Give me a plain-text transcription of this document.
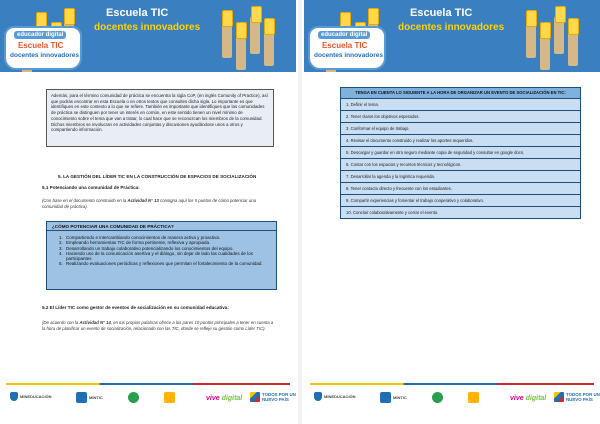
Escuela TIC
docentes innovadores
educador digital
Escuela TIC
docentes innovadores
Además, para el término comunidad de práctica se encuentra la sigla CoP, (en inglés Comunity of Practice), así que podrás encontrar en esta Escuela o en otros textos que consultes dicha sigla. Lo importante es que identifiques en este contexto a lo que se refiere. También es importante que identifiques que las comunidades de práctica se distinguen por tener un interés en común, en este sentido tienen un nivel mínimo de conocimiento sobre el tema que van a tratar, lo cual hace que se reconozcan los miembros de la comunidad. Dichos miembros se involucran en actividades conjuntas y discusiones ayudándose unos a otros y compartiendo información.
5. LA GESTIÓN DEL LÍDER TIC EN LA CONSTRUCCIÓN DE ESPACIOS DE SOCIALIZACIÓN
5.1 Potenciando una comunidad de Práctica:
(Con base en el documento construido en la Actividad N° 13 consigna aquí los 5 puntos de cómo potenciar una comunidad de práctica).
¿CÓMO POTENCIAR UNA COMUNIDAD DE PRÁCTICA?
1. Compartiendo e intercambiando conocimientos de manera activa y proactiva.
2. Empleando herramientas TIC de forma pertinente, reflexiva y apropiada.
3. Desarrollando un trabajo colaborativo potencializando los conocimientos del equipo.
4. Haciendo uso de la comunicación asertiva y el diálogo, sin dejar de lado las cualidades de los participantes
5. Realizando evaluaciones periódicas y reflexiones que permitan el fortalecimiento de la comunidad.
5.2 El Líder TIC como gestor de eventos de socialización en su comunidad educativa:
(De acuerdo con la Actividad N° 14, en tus propias palabras ofrece a los pares 10 puntos principales a tener en cuenta a la hora de planificar un evento de socialización, relacionado con las TIC, donde se refleje su gestión como Líder TIC).
MINEDUCACIÓN	MINTIC	vive digital
TODOS POR UN
NUEVO PAÍS
Escuela TIC
docentes innovadores
educador digital
Escuela TIC
docentes innovadores
TENGA EN CUENTA LO SIGUIENTE A LA HORA DE ORGANIZAR UN EVENTO DE SOCIALIZACIÓN EN TIC:
1. Definir el tema.
2. Tener claros los objetivos esperados.
3. Conformar el equipo de trabajo.
4. Revisar el documento construido y realizar los aportes requeridos.
5. Descargar y guardar en otro seguro mediante copia de seguridad y consultar en google docs.
6. Contar con los espacios y recursos técnicos y tecnológicos.
7. Desarrollar la agenda y la logística requerida.
8. Tener contacto directo y frecuente con los estudiantes.
9. Compartir experiencias y fomentar el trabajo cooperativo y colaborativo.
10. Concluir colaborativamente y cerrar el evento.
MINEDUCACIÓN	MINTIC	vive digital
TODOS POR UN
NUEVO PAÍS
